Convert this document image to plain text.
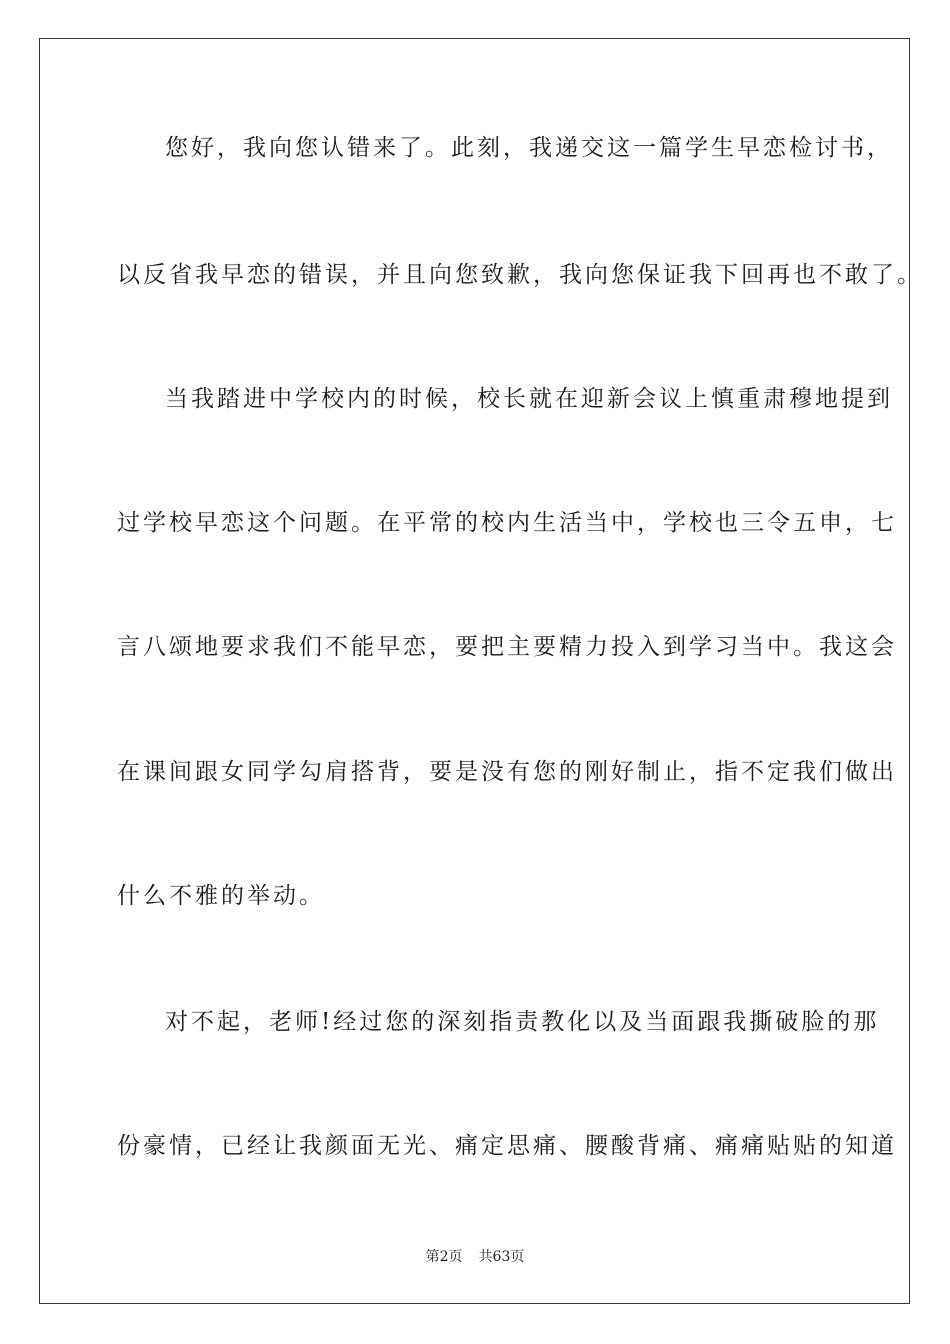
您好，我向您认错来了。此刻，我递交这一篇学生早恋检讨书，
以反省我早恋的错误，并且向您致歉，我向您保证我下回再也不敢了。
当我踏进中学校内的时候，校长就在迎新会议上慎重肃穆地提到
过学校早恋这个问题。在平常的校内生活当中，学校也三令五申，七
言八颂地要求我们不能早恋，要把主要精力投入到学习当中。我这会
在课间跟女同学勾肩搭背，要是没有您的刚好制止，指不定我们做出
什么不雅的举动。
对不起，老师!经过您的深刻指责教化以及当面跟我撕破脸的那
份豪情，已经让我颜面无光、痛定思痛、腰酸背痛、痛痛贴贴的知道
第2页 共63页
